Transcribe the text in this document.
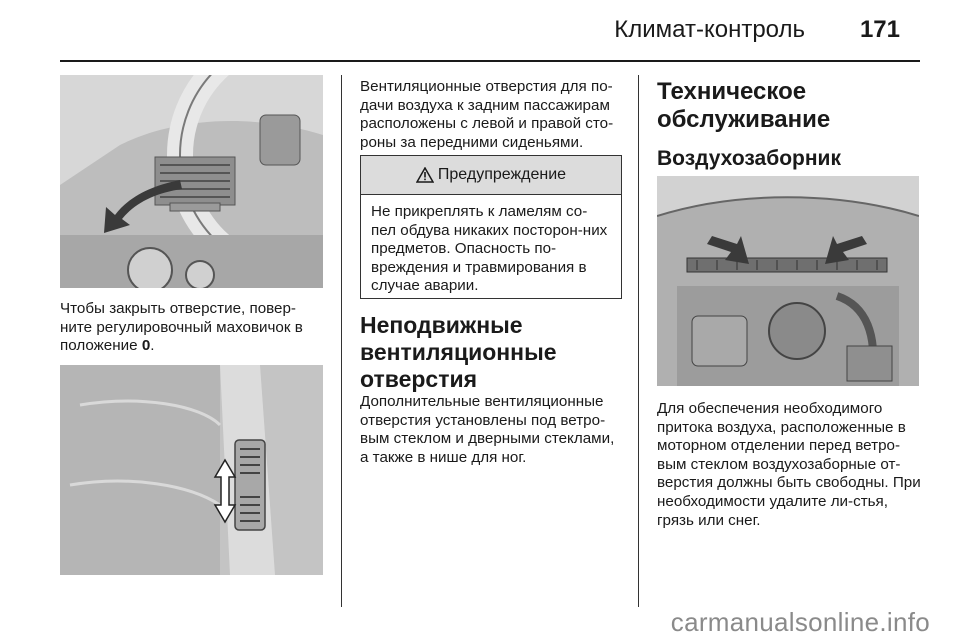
Климат-контроль 171
Чтобы закрыть отверстие, повер-ните регулировочный маховичок в положение 0.
Вентиляционные отверстия для по-дачи воздуха к задним пассажирам расположены с левой и правой сто-роны за передними сиденьями.
Предупреждение
Не прикреплять к ламелям со-пел обдува никаких посторон-них предметов. Опасность по-вреждения и травмирования в случае аварии.
Неподвижные вентиляционные отверстия
Дополнительные вентиляционные отверстия установлены под ветро-вым стеклом и дверными стеклами, а также в нише для ног.
Техническое обслуживание
Воздухозаборник
Для обеспечения необходимого притока воздуха, расположенные в моторном отделении перед ветро-вым стеклом воздухозаборные от-верстия должны быть свободны. При необходимости удалите ли-стья, грязь или снег.
carmanualsonline.info
